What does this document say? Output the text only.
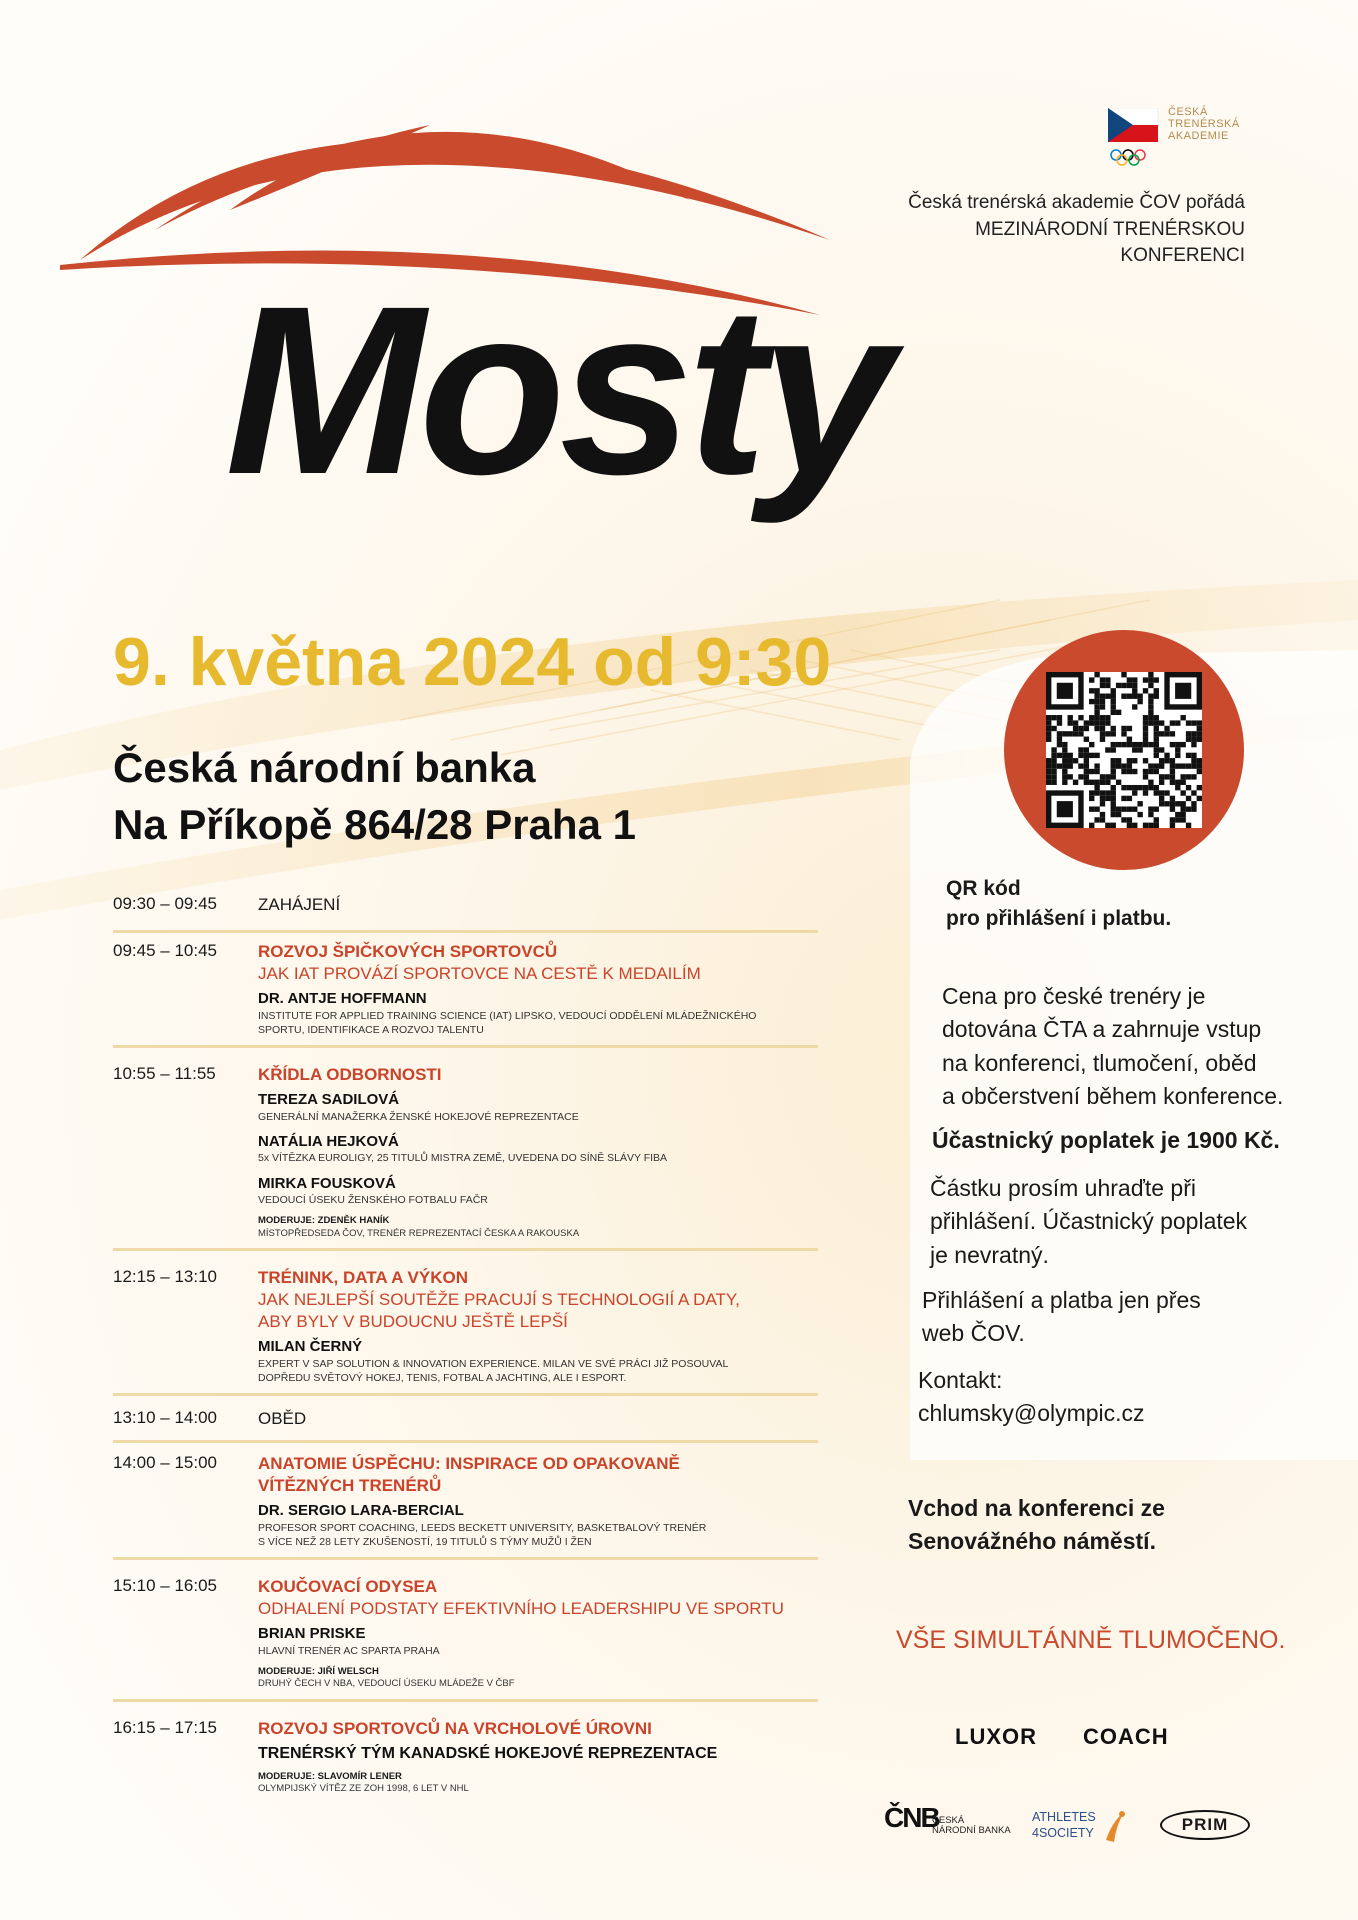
ČESKÁ
TRENÉRSKÁ
AKADEMIE
Česká trenérská akademie ČOV pořádá
MEZINÁRODNÍ TRENÉRSKOU
KONFERENCI
Mosty
9. května 2024 od 9:30
Česká národní banka
Na Příkopě 864/28 Praha 1
QR kód
pro přihlášení i platbu.
Cena pro české trenéry je
dotována ČTA a zahrnuje vstup
na konferenci, tlumočení, oběd
a občerstvení během konference.
Účastnický poplatek je 1900 Kč.
Částku prosím uhraďte při
přihlášení. Účastnický poplatek
je nevratný.
Přihlášení a platba jen přes
web ČOV.
Kontakt:
chlumsky@olympic.cz
Vchod na konferenci ze
Senovážného náměstí.
VŠE SIMULTÁNNĚ TLUMOČENO.
LUXOR COACH
ČNB
ČESKÁ
NÁRODNÍ BANKA
ATHLETES
4SOCIETY	PRIM
09:30 – 09:45 ZAHÁJENÍ
09:45 – 10:45 ROZVOJ ŠPIČKOVÝCH SPORTOVCŮ
JAK IAT PROVÁZÍ SPORTOVCE NA CESTĚ K MEDAILÍM
DR. ANTJE HOFFMANN
INSTITUTE FOR APPLIED TRAINING SCIENCE (IAT) LIPSKO, VEDOUCÍ ODDĚLENÍ MLÁDEŽNICKÉHO
SPORTU, IDENTIFIKACE A ROZVOJ TALENTU
10:55 – 11:55 KŘÍDLA ODBORNOSTI
TEREZA SADILOVÁ
GENERÁLNÍ MANAŽERKA ŽENSKÉ HOKEJOVÉ REPREZENTACE
NATÁLIA HEJKOVÁ
5x VÍTĚZKA EUROLIGY, 25 TITULŮ MISTRA ZEMĚ, UVEDENA DO SÍNĚ SLÁVY FIBA
MIRKA FOUSKOVÁ
VEDOUCÍ ÚSEKU ŽENSKÉHO FOTBALU FAČR
MODERUJE: ZDENĚK HANÍK
MÍSTOPŘEDSEDA ČOV, TRENÉR REPREZENTACÍ ČESKA A RAKOUSKA
12:15 – 13:10 TRÉNINK, DATA A VÝKON
JAK NEJLEPŠÍ SOUTĚŽE PRACUJÍ S TECHNOLOGIÍ A DATY,
ABY BYLY V BUDOUCNU JEŠTĚ LEPŠÍ
MILAN ČERNÝ
EXPERT V SAP SOLUTION & INNOVATION EXPERIENCE. MILAN VE SVÉ PRÁCI JIŽ POSOUVAL
DOPŘEDU SVĚTOVÝ HOKEJ, TENIS, FOTBAL A JACHTING, ALE I ESPORT.
13:10 – 14:00 OBĚD
14:00 – 15:00 ANATOMIE ÚSPĚCHU: INSPIRACE OD OPAKOVANĚ
VÍTĚZNÝCH TRENÉRŮ
DR. SERGIO LARA-BERCIAL
PROFESOR SPORT COACHING, LEEDS BECKETT UNIVERSITY, BASKETBALOVÝ TRENÉR
S VÍCE NEŽ 28 LETY ZKUŠENOSTÍ, 19 TITULŮ S TÝMY MUŽŮ I ŽEN
15:10 – 16:05 KOUČOVACÍ ODYSEA
ODHALENÍ PODSTATY EFEKTIVNÍHO LEADERSHIPU VE SPORTU
BRIAN PRISKE
HLAVNÍ TRENÉR AC SPARTA PRAHA
MODERUJE: JIŘÍ WELSCH
DRUHÝ ČECH V NBA, VEDOUCÍ ÚSEKU MLÁDEŽE V ČBF
16:15 – 17:15 ROZVOJ SPORTOVCŮ NA VRCHOLOVÉ ÚROVNI
TRENÉRSKÝ TÝM KANADSKÉ HOKEJOVÉ REPREZENTACE
MODERUJE: SLAVOMÍR LENER
OLYMPIJSKÝ VÍTĚZ ZE ZOH 1998, 6 LET V NHL
